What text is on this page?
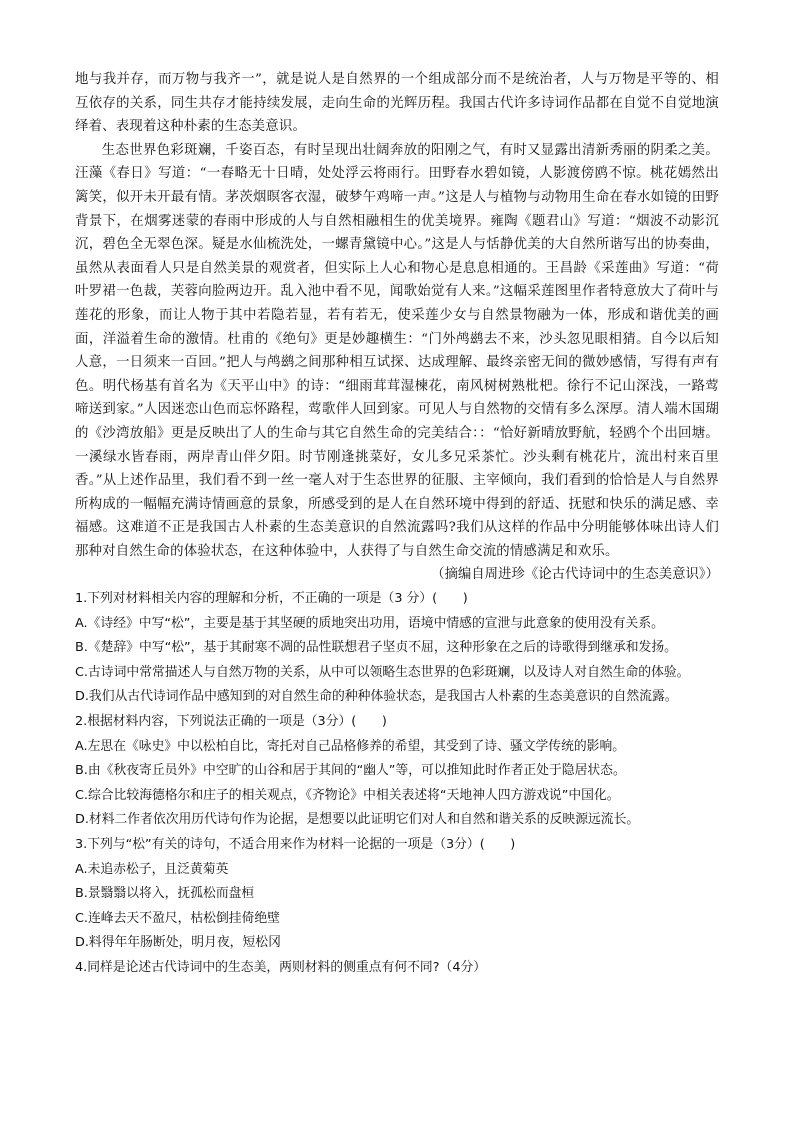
地与我并存，而万物与我齐一”，就是说人是自然界的一个组成部分而不是统治者，人与万物是平等的、相互依存的关系，同生共存才能持续发展，走向生命的光辉历程。我国古代许多诗词作品都在自觉不自觉地演绎着、表现着这种朴素的生态美意识。

生态世界色彩斑斓，千姿百态，有时呈现出壮阔奔放的阳刚之气，有时又显露出清新秀丽的阴柔之美。汪藻《春日》写道：“一春略无十日晴，处处浮云将雨行。田野春水碧如镜，人影渡傍鸥不惊。桃花嫣然出篱笑，似开未开最有情。茅茨烟暝客衣湿，破梦午鸡啼一声。”这是人与植物与动物用生命在春水如镜的田野背景下，在烟雾迷蒙的春雨中形成的人与自然相融相生的优美境界。雍陶《题君山》写道：“烟波不动影沉沉，碧色全无翠色深。疑是水仙梳洗处，一螺青黛镜中心。”这是人与恬静优美的大自然所谐写出的协奏曲，虽然从表面看人只是自然美景的观赏者，但实际上人心和物心是息息相通的。王昌龄《采莲曲》写道：“荷叶罗裙一色裁，芙蓉向脸两边开。乱入池中看不见，闻歌始觉有人来。”这幅采莲图里作者特意放大了荷叶与莲花的形象，而让人物于其中若隐若显，若有若无，使采莲少女与自然景物融为一体，形成和谐优美的画面，洋溢着生命的激情。杜甫的《绝句》更是妙趣横生：“门外鸬鹚去不来，沙头忽见眼相猜。自今以后知人意，一日须来一百回。”把人与鸬鹚之间那种相互试探、达成理解、最终亲密无间的微妙感情，写得有声有色。明代杨基有首名为《天平山中》的诗：“细雨茸茸湿楝花，南风树树熟枇杷。徐行不记山深浅，一路莺啼送到家。”人因迷恋山色而忘怀路程，莺歌伴人回到家。可见人与自然物的交情有多么深厚。清人端木国瑚的《沙湾放船》更是反映出了人的生命与其它自然生命的完美结合：：“恰好新晴放野航，轻鸥个个出回塘。一溪绿水皆春雨，两岸青山伴夕阳。时节刚逢挑菜好，女儿多兄采茶忙。沙头剩有桃花片，流出村来百里香。”从上述作品里，我们看不到一丝一毫人对于生态世界的征服、主宰倾向，我们看到的恰恰是人与自然界所构成的一幅幅充满诗情画意的景象，所感受到的是人在自然环境中得到的舒适、抚慰和快乐的满足感、幸福感。这难道不正是我国古人朴素的生态美意识的自然流露吗?我们从这样的作品中分明能够体味出诗人们那种对自然生命的体验状态，在这种体验中，人获得了与自然生命交流的情感满足和欢乐。

（摘编自周进珍《论古代诗词中的生态美意识》）

1.下列对材料相关内容的理解和分析，不正确的一项是（3 分）(　　)

A.《诗经》中写“松”，主要是基于其坚硬的质地突出功用，语境中情感的宣泄与此意象的使用没有关系。

B.《楚辞》中写“松”，基于其耐寒不凋的品性联想君子坚贞不屈，这种形象在之后的诗歌得到继承和发扬。

C.古诗词中常常描述人与自然万物的关系，从中可以领略生态世界的色彩斑斓，以及诗人对自然生命的体验。

D.我们从古代诗词作品中感知到的对自然生命的种种体验状态，是我国古人朴素的生态美意识的自然流露。

2.根据材料内容，下列说法正确的一项是（3分）(　　)

A.左思在《咏史》中以松柏自比，寄托对自己品格修养的希望，其受到了诗、骚文学传统的影响。

B.由《秋夜寄丘员外》中空旷的山谷和居于其间的“幽人”等，可以推知此时作者正处于隐居状态。

C.综合比较海德格尔和庄子的相关观点，《齐物论》中相关表述将“天地神人四方游戏说”中国化。

D.材料二作者依次用历代诗句作为论据，是想要以此证明它们对人和自然和谐关系的反映源远流长。

3.下列与“松”有关的诗句，不适合用来作为材料一论据的一项是（3分）(　　)

A.未追赤松子，且泛黄菊英

B.景翳翳以将入，抚孤松而盘桓

C.连峰去天不盈尺，枯松倒挂倚绝壁

D.料得年年肠断处，明月夜，短松冈

4.同样是论述古代诗词中的生态美，两则材料的侧重点有何不同?（4分）
